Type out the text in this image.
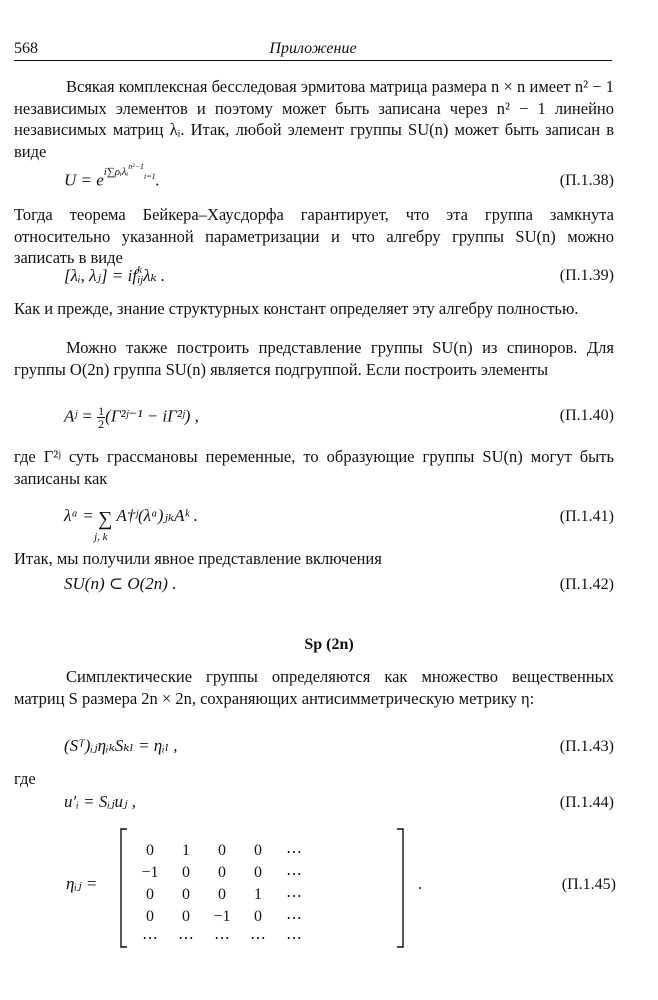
568	Приложение
Всякая комплексная бесследовая эрмитова матрица размера n × n имеет n² − 1 независимых элементов и поэтому может быть записана через n² − 1 линейно независимых матриц λᵢ. Итак, любой элемент группы SU(n) может быть записан в виде
$U = e^{i\sum\rho ᵢ\lambda ᵢ^{n^2-1}_{i=1}}$.	(П.1.38)
Тогда теорема Бейкера–Хаусдорфа гарантирует, что эта группа замкнута относительно указанной параметризации и что алгебру группы SU(n) можно записать в виде
[λᵢ, λⱼ] = if k
ij λₖ .	(П.1.39)
Как и прежде, знание структурных констант определяет эту алгебру полностью.
Можно также построить представление группы SU(n) из спиноров. Для группы O(2n) группа SU(n) является подгруппой. Если построить элементы
Aʲ = $\frac{1}{2}$ (Γ²ʲ⁻¹ − iΓ²ʲ) ,	(П.1.40)
где Γ²ʲ суть грассмановы переменные, то образующие группы SU(n) могут быть записаны как
λᵃ = ∑
j, k
A†ʲ(λᵃ)ⱼₖAᵏ .	(П.1.41)
Итак, мы получили явное представление включения
SU(n) ⊂ O(2n) .	(П.1.42)
Sp (2n)
Симплектические группы определяются как множество вещественных матриц S размера 2n × 2n, сохраняющих антисимметрическую метрику η:
(Sᵀ)ᵢⱼηᵢₖSₖₗ = ηᵢₗ ,	(П.1.43)
где
u′ᵢ = Sᵢⱼuⱼ ,	(П.1.44)
ηᵢⱼ =
0	1	0	0	⋯
−1	0	0	0	⋯
0	0	0	1	⋯
0	0	−1	0	⋯
⋯	⋯	⋯	⋯	⋯
.	(П.1.45)
